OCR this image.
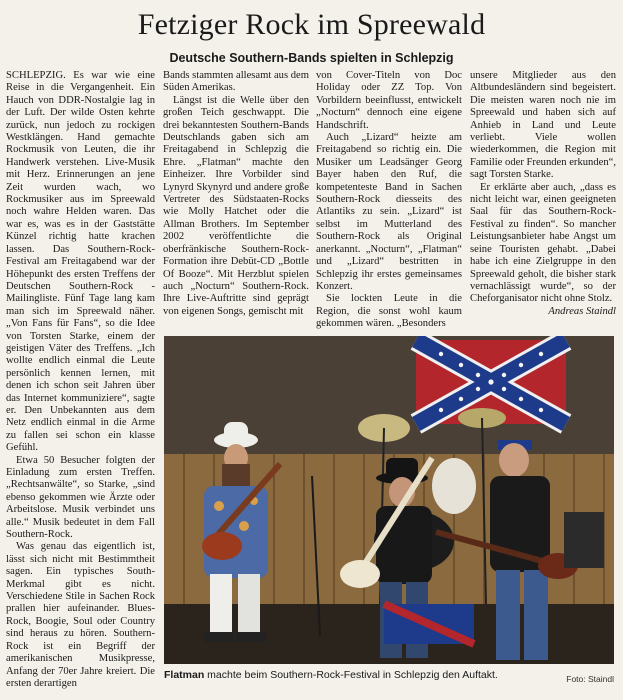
Fetziger Rock im Spreewald
Deutsche Southern-Bands spielten in Schlepzig

SCHLEPZIG. Es war wie eine Reise in die Vergangenheit. Ein Hauch von DDR-Nostalgie lag in der Luft. Der wilde Osten kehrte zurück, nun jedoch zu rockigen Westklängen. Hand gemachte Rockmusik von Leuten, die ihr Handwerk verstehen. Live-Musik mit Herz. Erinnerungen an jene Zeit wurden wach, wo Rockmusiker aus im Spreewald noch wahre Helden waren. Das war es, was es in der Gaststätte Künzel richtig hatte krachen lassen. Das Southern-Rock-Festival am Freitagabend war der Höhepunkt des ersten Treffens der Deutschen Southern-Rock -Mailingliste. Fünf Tage lang kam man sich im Spreewald näher. „Von Fans für Fans“, so die Idee von Torsten Starke, einem der geistigen Väter des Treffens. „Ich wollte endlich einmal die Leute persönlich kennen lernen, mit denen ich schon seit Jahren über das Internet kommuniziere“, sagte er. Den Unbekannten aus dem Netz endlich einmal in die Arme zu fallen sei schon ein klasse Gefühl.

Etwa 50 Besucher folgten der Einladung zum ersten Treffen. „Rechtsanwälte“, so Starke, „sind ebenso gekommen wie Ärzte oder Arbeitslose. Musik verbindet uns alle.“ Musik bedeutet in dem Fall Southern-Rock.

Was genau das eigentlich ist, lässt sich nicht mit Bestimmtheit sagen. Ein typisches South-Merkmal gibt es nicht. Verschiedene Stile in Sachen Rock prallen hier aufeinander. Blues-Rock, Boogie, Soul oder Country sind heraus zu hören. Southern-Rock ist ein Begriff der amerikanischen Musikpresse, Anfang der 70er Jahre kreiert. Die ersten derartigen

Bands stammten allesamt aus dem Süden Amerikas.

Längst ist die Welle über den großen Teich geschwappt. Die drei bekanntesten Southern-Bands Deutschlands gaben sich am Freitagabend in Schlepzig die Ehre. „Flatman“ machte den Einheizer. Ihre Vorbilder sind Lynyrd Skynyrd und andere große Vertreter des Südstaaten-Rocks wie Molly Hatchet oder die Allman Brothers. Im September 2002 veröffentlichte die oberfränkische Southern-Rock-Formation ihre Debüt-CD „Bottle Of Booze“. Mit Herzblut spielen auch „Nocturn“ Southern-Rock. Ihre Live-Auftritte sind geprägt von eigenen Songs, gemischt mit

von Cover-Titeln von Doc Holiday oder ZZ Top. Von Vorbildern beeinflusst, entwickelt „Nocturn“ dennoch eine eigene Handschrift.

Auch „Lizard“ heizte am Freitagabend so richtig ein. Die Musiker um Leadsänger Georg Bayer haben den Ruf, die kompetenteste Band in Sachen Southern-Rock diesseits des Atlantiks zu sein. „Lizard“ ist selbst im Mutterland des Southern-Rock als Original anerkannt. „Nocturn“, „Flatman“ und „Lizard“ bestritten in Schlepzig ihr erstes gemeinsames Konzert.

Sie lockten Leute in die Region, die sonst wohl kaum gekommen wären. „Besonders

unsere Mitglieder aus den Altbundesländern sind begeistert. Die meisten waren noch nie im Spreewald und haben sich auf Anhieb in Land und Leute verliebt. Viele wollen wiederkommen, die Region mit Familie oder Freunden erkunden“, sagt Torsten Starke.

Er erklärte aber auch, „dass es nicht leicht war, einen geeigneten Saal für das Southern-Rock-Festival zu finden“. So mancher Leistungsanbieter habe Angst um seine Touristen gehabt. „Dabei habe ich eine Zielgruppe in den Spreewald geholt, die bisher stark vernachlässigt wurde“, so der Cheforganisator nicht ohne Stolz.

Andreas Staindl

Flatman machte beim Southern-Rock-Festival in Schlepzig den Auftakt.	Foto: Staindl
